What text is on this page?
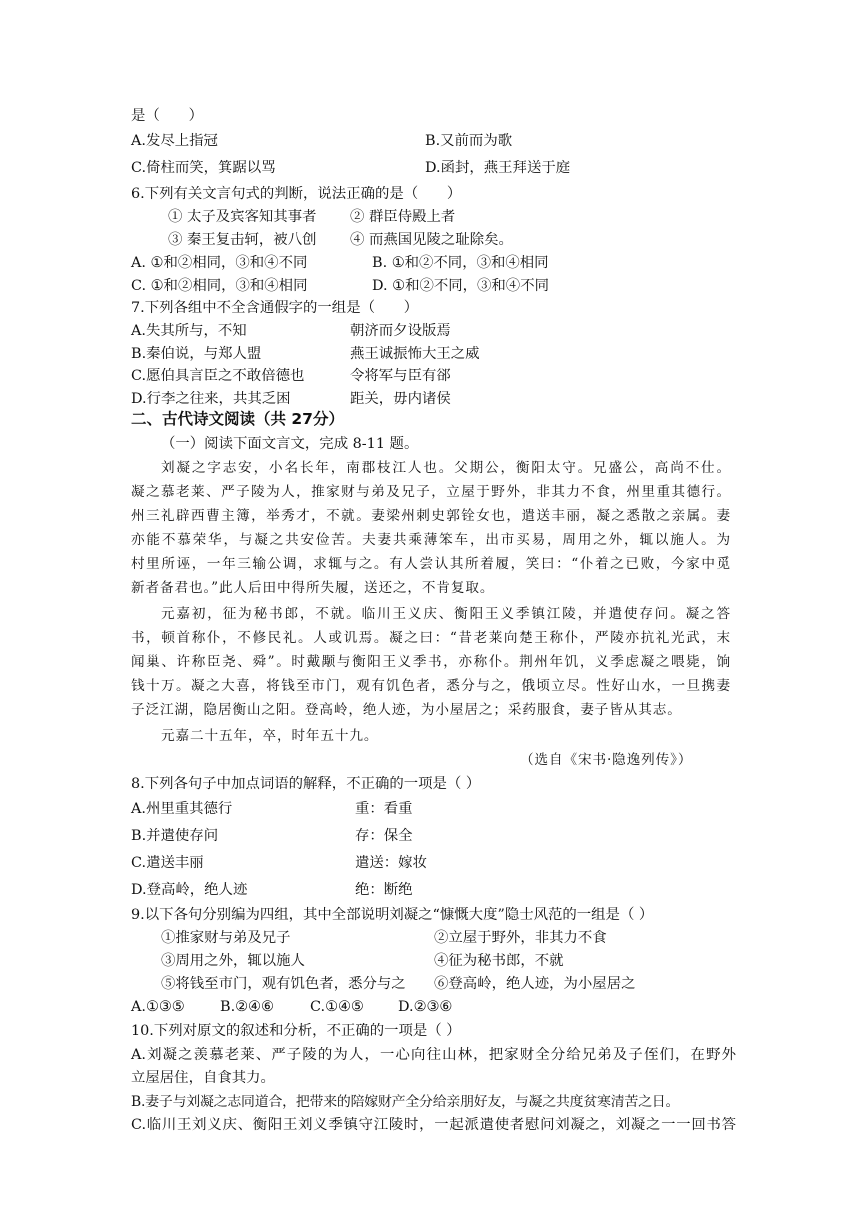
是（　　）
A.发尽上指冠	B.又前而为歌
C.倚柱而笑，箕踞以骂	D.函封，燕王拜送于庭
6.下列有关文言句式的判断，说法正确的是（　　）
① 太子及宾客知其事者 ② 群臣侍殿上者
③ 秦王复击轲，被八创 ④ 而燕国见陵之耻除矣。
A. ①和②相同，③和④不同	B. ①和②不同，③和④相同
C. ①和②相同，③和④相同	D. ①和②不同，③和④不同
7.下列各组中不全含通假字的一组是（　　）
A.失其所与，不知	朝济而夕设版焉
B.秦伯说，与郑人盟	燕王诚振怖大王之威
C.愿伯具言臣之不敢倍德也	令将军与臣有郤
D.行李之往来，共其乏困	距关，毋内诸侯
二、古代诗文阅读（共 27分）
（一）阅读下面文言文，完成 8-11 题。
刘凝之字志安，小名长年，南郡枝江人也。父期公，衡阳太守。兄盛公，高尚不仕。
凝之慕老莱、严子陵为人，推家财与弟及兄子，立屋于野外，非其力不食，州里重其德行。
州三礼辟西曹主簿，举秀才，不就。妻梁州刺史郭铨女也，遣送丰丽，凝之悉散之亲属。妻
亦能不慕荣华，与凝之共安俭苦。夫妻共乘薄笨车，出市买易，周用之外，辄以施人。为
村里所诬，一年三输公调，求辄与之。有人尝认其所着履，笑曰：“仆着之已败，今家中觅
新者备君也。”此人后田中得所失履，送还之，不肯复取。
元嘉初，征为秘书郎，不就。临川王义庆、衡阳王义季镇江陵，并遣使存问。凝之答
书，顿首称仆，不修民礼。人或讥焉。凝之曰：“昔老莱向楚王称仆，严陵亦抗礼光武，末
闻巢、许称臣尧、舜”。时戴颙与衡阳王义季书，亦称仆。荆州年饥，义季虑凝之喂毙，饷
钱十万。凝之大喜，将钱至市门，观有饥色者，悉分与之，俄顷立尽。性好山水，一旦携妻
子泛江湖，隐居衡山之阳。登高岭，绝人迹，为小屋居之；采药服食，妻子皆从其志。
元嘉二十五年，卒，时年五十九。
（选自《宋书·隐逸列传》）
8.下列各句子中加点词语的解释，不正确的一项是（ ）
A.州里重其德行	重：看重
B.并遣使存问	存：保全
C.遣送丰丽	遣送：嫁妆
D.登高岭，绝人迹	绝：断绝
9.以下各句分别编为四组，其中全部说明刘凝之“慷慨大度”隐士风范的一组是（ ）
①推家财与弟及兄子	②立屋于野外，非其力不食
③周用之外，辄以施人	④征为秘书郎，不就
⑤将钱至市门，观有饥色者，悉分与之 ⑥登高岭，绝人迹，为小屋居之
A.①③⑤ B.②④⑥	C.①④⑤ D.②③⑥
10.下列对原文的叙述和分析，不正确的一项是（ ）
A.刘凝之羡慕老莱、严子陵的为人，一心向往山林，把家财全分给兄弟及子侄们，在野外
立屋居住，自食其力。
B.妻子与刘凝之志同道合，把带来的陪嫁财产全分给亲朋好友，与凝之共度贫寒清苦之日。
C.临川王刘义庆、衡阳王刘义季镇守江陵时，一起派遣使者慰问刘凝之，刘凝之一一回书答
